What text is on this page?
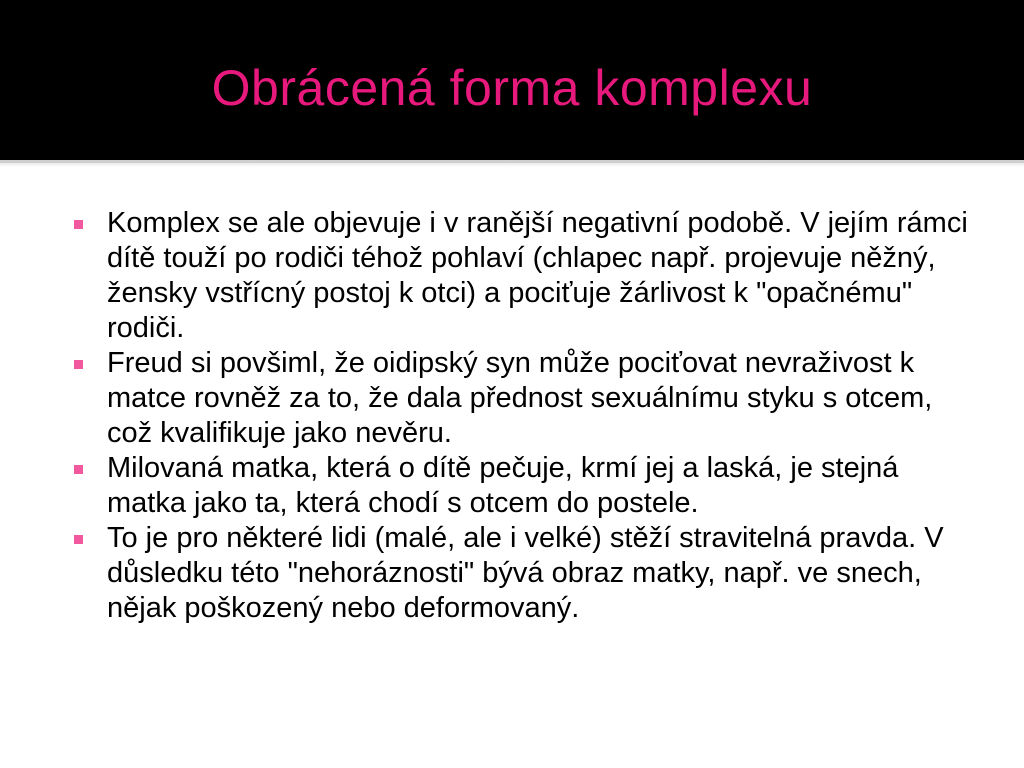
Obrácená forma komplexu
Komplex se ale objevuje i v ranější negativní podobě. V jejím rámci dítě touží po rodiči téhož pohlaví (chlapec např. projevuje něžný, žensky vstřícný postoj k otci) a pociťuje žárlivost k "opačnému" rodiči.
Freud si povšiml, že oidipský syn může pociťovat nevraživost k matce rovněž za to, že dala přednost sexuálnímu styku s otcem, což kvalifikuje jako nevěru.
Milovaná matka, která o dítě pečuje, krmí jej a laská, je stejná matka jako ta, která chodí s otcem do postele.
To je pro některé lidi (malé, ale i velké) stěží stravitelná pravda. V důsledku této "nehoráznosti" bývá obraz matky, např. ve snech, nějak poškozený nebo deformovaný.
